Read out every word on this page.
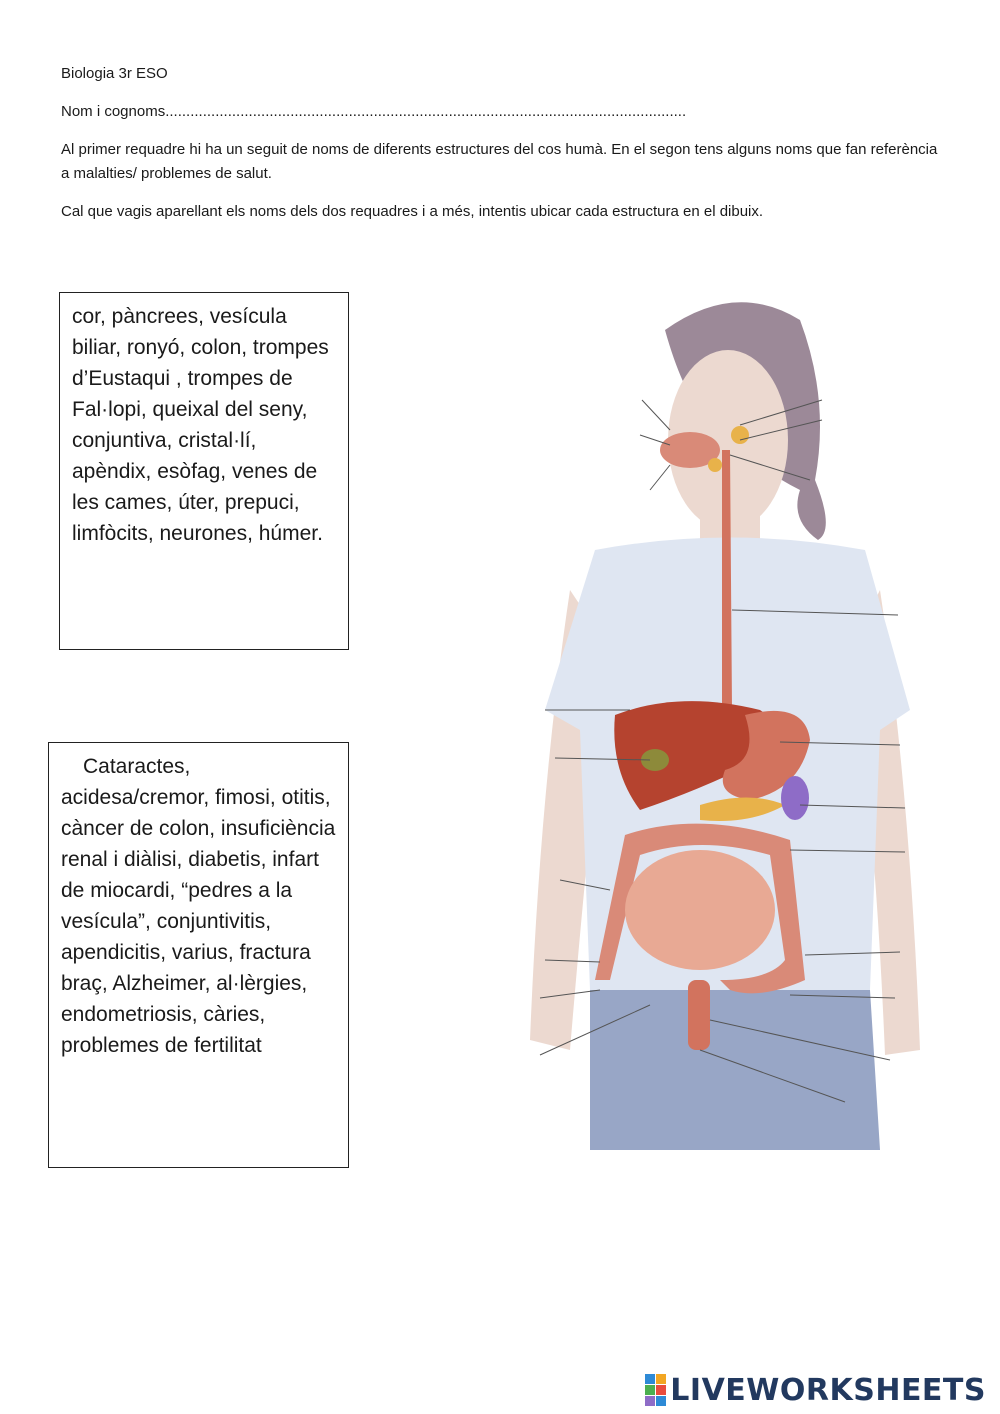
Biologia 3r ESO

Nom i cognoms.............................................................................................................................

Al primer requadre hi ha un seguit de noms de diferents estructures del cos humà. En el segon tens alguns noms que fan referència a malalties/ problemes de salut.

Cal que vagis aparellant els noms dels dos requadres i a més, intentis ubicar cada estructura en el dibuix.

cor, pàncrees, vesícula biliar, ronyó, colon, trompes d’Eustaqui , trompes de Fal·lopi, queixal del seny, conjuntiva, cristal·lí, apèndix, esòfag, venes de les cames, úter, prepuci, limfòcits, neurones, húmer.
Cataractes, acidesa/cremor, fimosi, otitis, càncer de colon, insuficiència renal i diàlisi, diabetis, infart de miocardi, “pedres a la vesícula”, conjuntivitis, apendicitis, varius, fractura braç, Alzheimer, al·lèrgies, endometriosis, càries, problemes de fertilitat
LIVEWORKSHEETS
